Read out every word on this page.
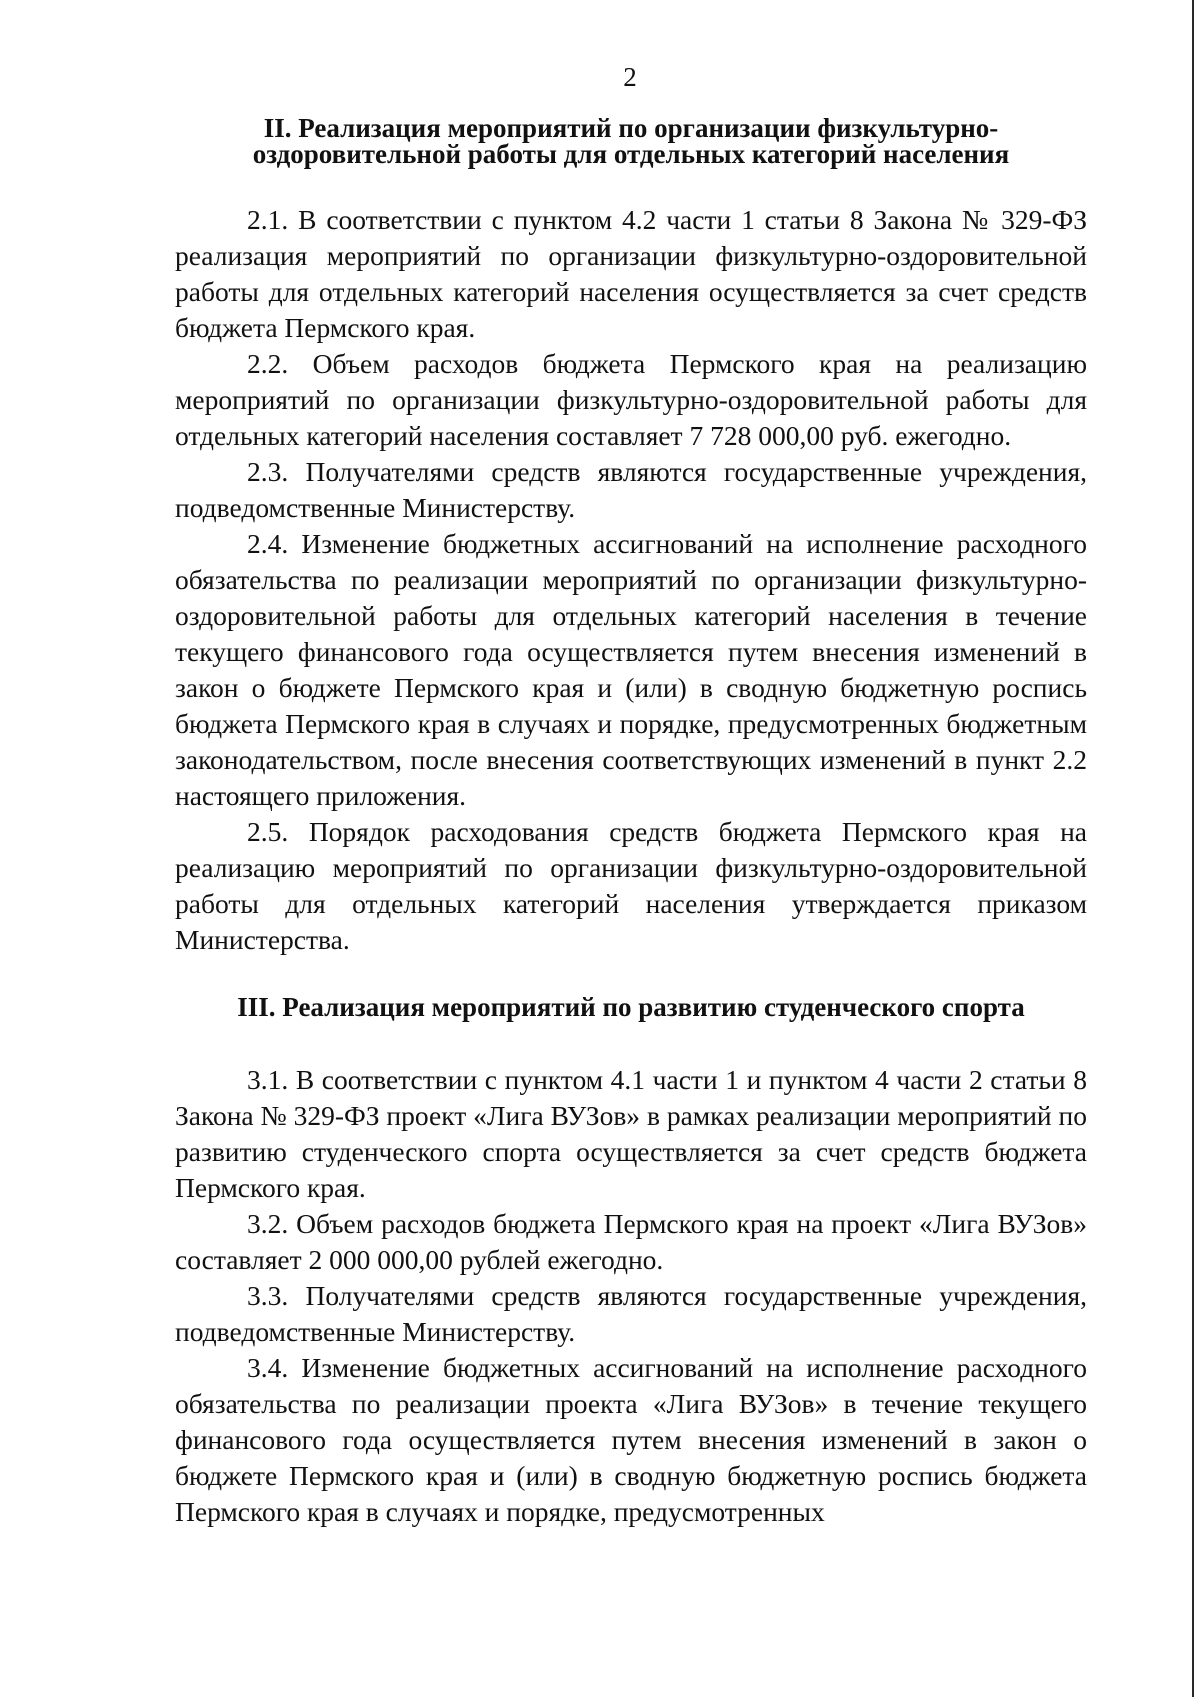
2
II. Реализация мероприятий по организации физкультурно-
оздоровительной работы для отдельных категорий населения

2.1. В соответствии с пунктом 4.2 части 1 статьи 8 Закона № 329-ФЗ реализация мероприятий по организации физкультурно-оздоровительной работы для отдельных категорий населения осуществляется за счет средств бюджета Пермского края.

2.2. Объем расходов бюджета Пермского края на реализацию мероприятий по организации физкультурно-оздоровительной работы для отдельных категорий населения составляет 7 728 000,00 руб. ежегодно.

2.3. Получателями средств являются государственные учреждения, подведомственные Министерству.

2.4. Изменение бюджетных ассигнований на исполнение расходного обязательства по реализации мероприятий по организации физкультурно-оздоровительной работы для отдельных категорий населения в течение текущего финансового года осуществляется путем внесения изменений в закон о бюджете Пермского края и (или) в сводную бюджетную роспись бюджета Пермского края в случаях и порядке, предусмотренных бюджетным законодательством, после внесения соответствующих изменений в пункт 2.2 настоящего приложения.

2.5. Порядок расходования средств бюджета Пермского края на реализацию мероприятий по организации физкультурно-оздоровительной работы для отдельных категорий населения утверждается приказом Министерства.

III. Реализация мероприятий по развитию студенческого спорта

3.1. В соответствии с пунктом 4.1 части 1 и пунктом 4 части 2 статьи 8 Закона № 329-ФЗ проект «Лига ВУЗов» в рамках реализации мероприятий по развитию студенческого спорта осуществляется за счет средств бюджета Пермского края.

3.2. Объем расходов бюджета Пермского края на проект «Лига ВУЗов» составляет 2 000 000,00 рублей ежегодно.

3.3. Получателями средств являются государственные учреждения, подведомственные Министерству.

3.4. Изменение бюджетных ассигнований на исполнение расходного обязательства по реализации проекта «Лига ВУЗов» в течение текущего финансового года осуществляется путем внесения изменений в закон о бюджете Пермского края и (или) в сводную бюджетную роспись бюджета Пермского края в случаях и порядке, предусмотренных
